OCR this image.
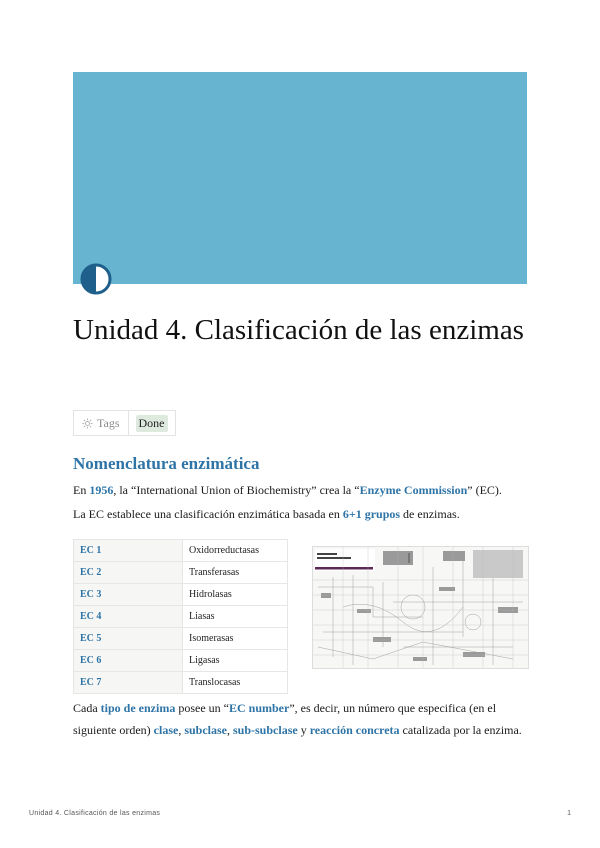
Unidad 4. Clasificación de las enzimas
Tags Done
Nomenclatura enzimática

En 1956, la “International Union of Biochemistry” crea la “Enzyme Commission” (EC).

La EC establece una clasificación enzimática basada en 6+1 grupos de enzimas.

EC 1	Oxidorreductasas
EC 2	Transferasas
EC 3	Hidrolasas
EC 4	Liasas
EC 5	Isomerasas
EC 6	Ligasas
EC 7	Translocasas

Cada tipo de enzima posee un “EC number”, es decir, un número que especifica (en el siguiente orden) clase, subclase, sub-subclase y reacción concreta catalizada por la enzima.

Unidad 4. Clasificación de las enzimas	1
